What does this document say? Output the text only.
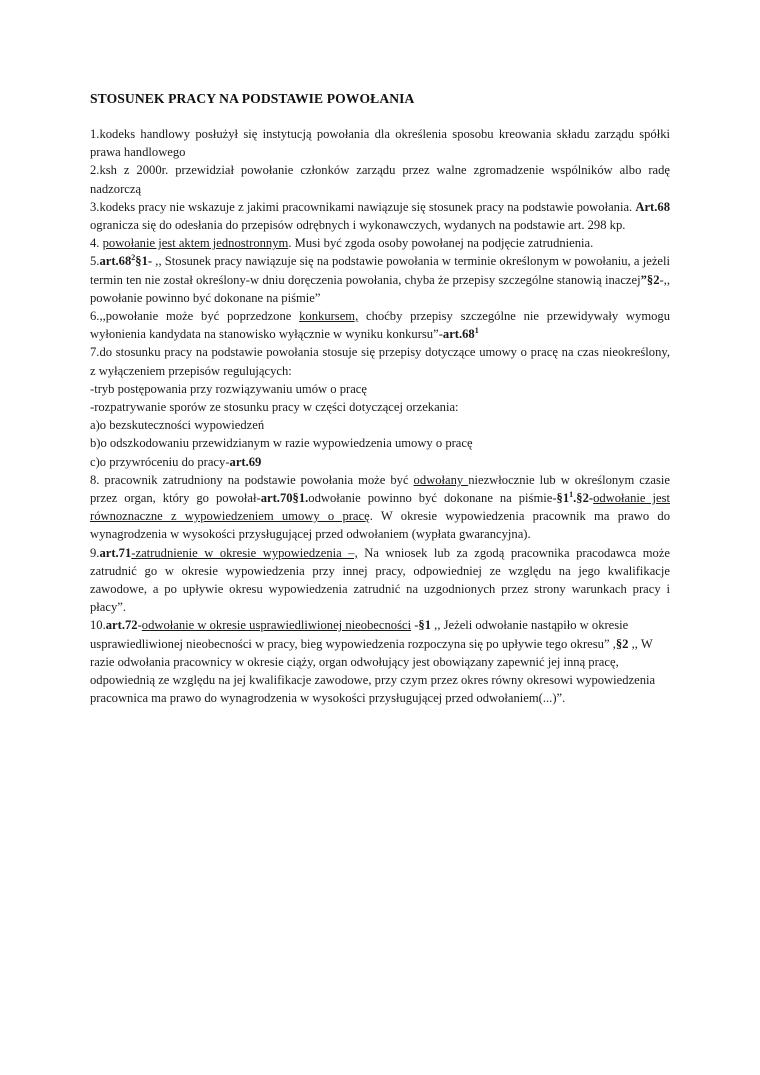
STOSUNEK PRACY NA PODSTAWIE POWOŁANIA

1.kodeks handlowy posłużył się instytucją powołania dla określenia sposobu kreowania składu zarządu spółki prawa handlowego

2.ksh z 2000r. przewidział powołanie członków zarządu przez walne zgromadzenie wspólników albo radę nadzorczą

3.kodeks pracy nie wskazuje z jakimi pracownikami nawiązuje się stosunek pracy na podstawie powołania. Art.68 ogranicza się do odesłania do przepisów odrębnych i wykonawczych, wydanych na podstawie art. 298 kp.

4. powołanie jest aktem jednostronnym. Musi być zgoda osoby powołanej na podjęcie zatrudnienia.

$5.art.68^2\S 1-$ ,, Stosunek pracy nawiązuje się na podstawie powołania w terminie określonym w powołaniu, a jeżeli termin ten nie został określony-w dniu doręczenia powołania, chyba że przepisy szczególne stanowią inaczej”§2-,, powołanie powinno być dokonane na piśmie”

6.,,powołanie może być poprzedzone konkursem, choćby przepisy szczególne nie przewidywały wymogu wyłonienia kandydata na stanowisko wyłącznie w wyniku $konkursu”-art.68^1$

7.do stosunku pracy na podstawie powołania stosuje się przepisy dotyczące umowy o pracę na czas nieokreślony, z wyłączeniem przepisów regulujących:

-tryb postępowania przy rozwiązywaniu umów o pracę

-rozpatrywanie sporów ze stosunku pracy w części dotyczącej orzekania:

a)o bezskuteczności wypowiedzeń

b)o odszkodowaniu przewidzianym w razie wypowiedzenia umowy o pracę

c)o przywróceniu do pracy-art.69

8. pracownik zatrudniony na podstawie powołania może być odwołany niezwłocznie lub w określonym czasie przez organ, który go powołał-art.70§1.odwołanie powinno być dokonane na piśmie-$\S 1^1.\S 2$-odwołanie jest równoznaczne z wypowiedzeniem umowy o pracę. W okresie wypowiedzenia pracownik ma prawo do wynagrodzenia w wysokości przysługującej przed odwołaniem (wypłata gwarancyjna).

9.art.71-zatrudnienie w okresie wypowiedzenia –, Na wniosek lub za zgodą pracownika pracodawca może zatrudnić go w okresie wypowiedzenia przy innej pracy, odpowiedniej ze względu na jego kwalifikacje zawodowe, a po upływie okresu wypowiedzenia zatrudnić na uzgodnionych przez strony warunkach pracy i płacy”.

10.art.72-odwołanie w okresie usprawiedliwionej nieobecności -§1 ,, Jeżeli odwołanie nastąpiło w okresie usprawiedliwionej nieobecności w pracy, bieg wypowiedzenia rozpoczyna się po upływie tego okresu” ,§2 ,, W razie odwołania pracownicy w okresie ciąży, organ odwołujący jest obowiązany zapewnić jej inną pracę, odpowiednią ze względu na jej kwalifikacje zawodowe, przy czym przez okres równy okresowi wypowiedzenia pracownica ma prawo do wynagrodzenia w wysokości przysługującej przed odwołaniem(...)”.
